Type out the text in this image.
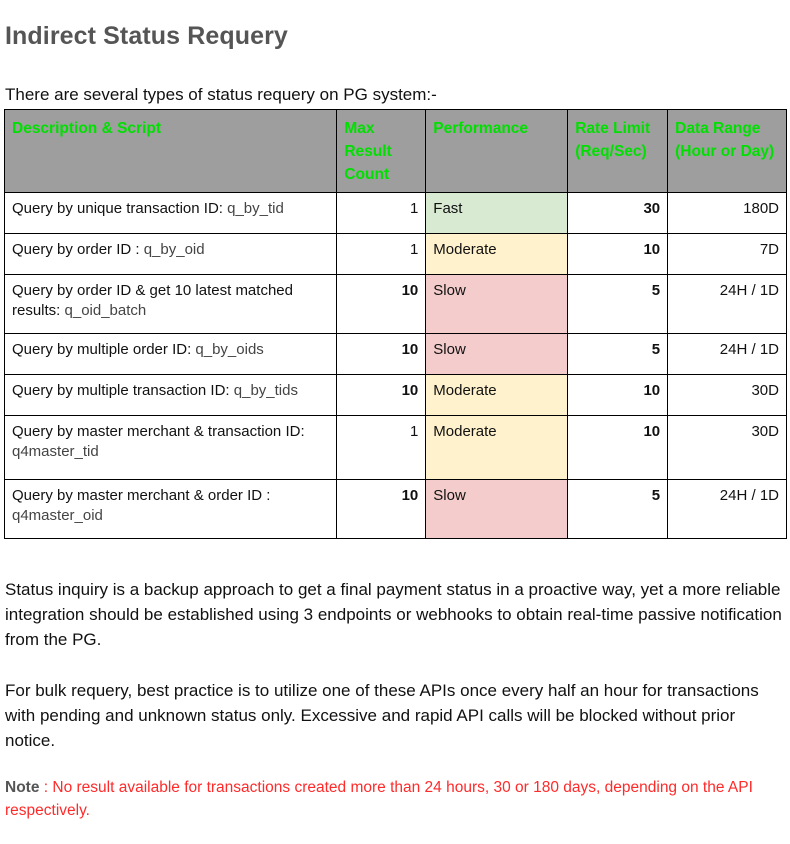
Indirect Status Requery
There are several types of status requery on PG system:-
Description & Script	Max Result Count	Performance	Rate Limit (Req/Sec)	Data Range (Hour or Day)
Query by unique transaction ID: q_by_tid	1	Fast	30	180D
Query by order ID : q_by_oid	1	Moderate	10	7D
Query by order ID & get 10 latest matched results: q_oid_batch	10	Slow	5	24H / 1D
Query by multiple order ID: q_by_oids	10	Slow	5	24H / 1D
Query by multiple transaction ID: q_by_tids	10	Moderate	10	30D
Query by master merchant & transaction ID: q4master_tid	1	Moderate	10	30D
Query by master merchant & order ID : q4master_oid	10	Slow	5	24H / 1D
Status inquiry is a backup approach to get a final payment status in a proactive way, yet a more reliable integration should be established using 3 endpoints or webhooks to obtain real-time passive notification from the PG.
For bulk requery, best practice is to utilize one of these APIs once every half an hour for transactions with pending and unknown status only. Excessive and rapid API calls will be blocked without prior notice.
Note : No result available for transactions created more than 24 hours, 30 or 180 days, depending on the API respectively.
